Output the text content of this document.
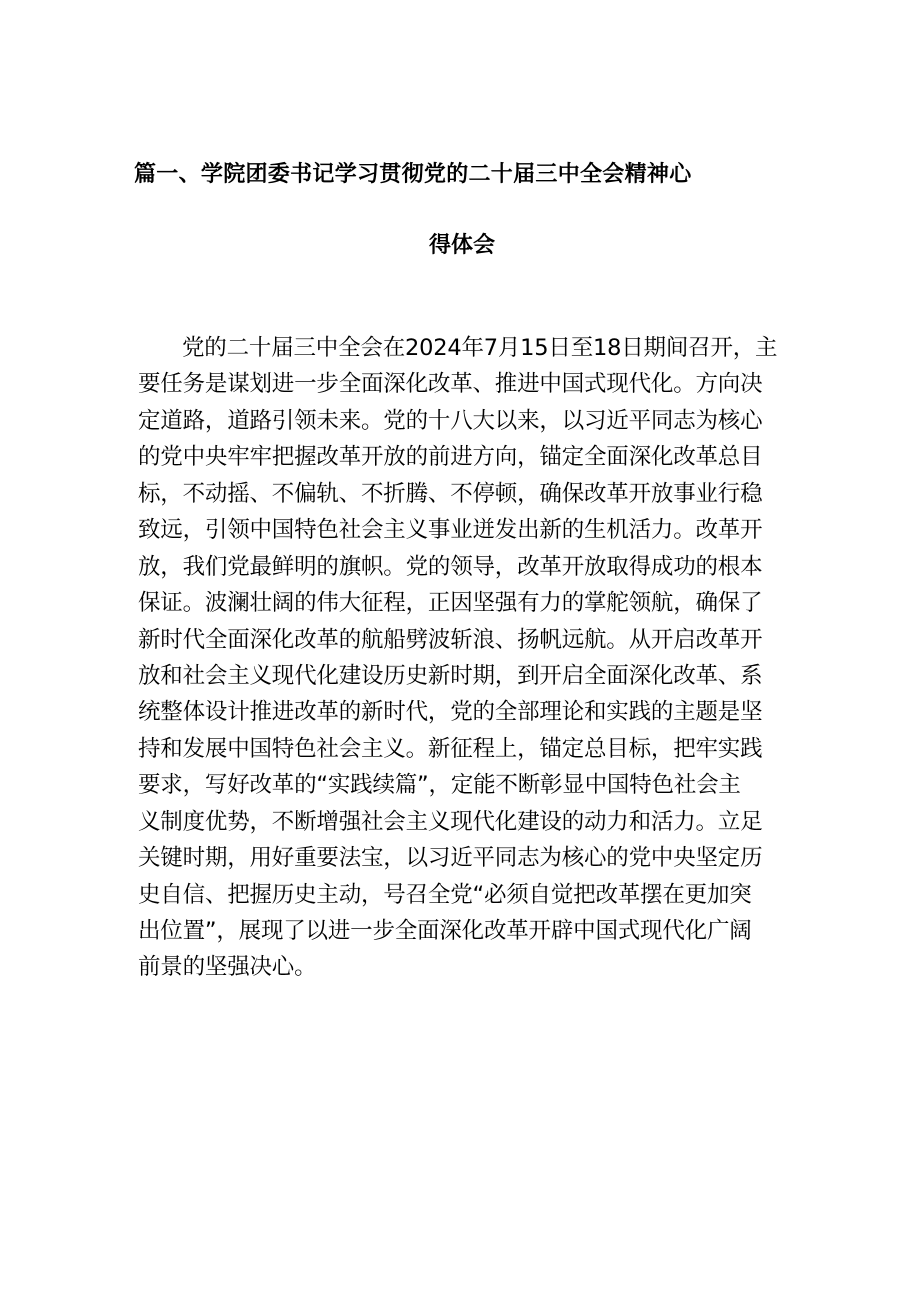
篇一、学院团委书记学习贯彻党的二十届三中全会精神心
得体会
党的二十届三中全会在2024年7月15日至18日期间召开，主
要任务是谋划进一步全面深化改革、推进中国式现代化。方向决
定道路，道路引领未来。党的十八大以来，以习近平同志为核心
的党中央牢牢把握改革开放的前进方向，锚定全面深化改革总目
标，不动摇、不偏轨、不折腾、不停顿，确保改革开放事业行稳
致远，引领中国特色社会主义事业迸发出新的生机活力。改革开
放，我们党最鲜明的旗帜。党的领导，改革开放取得成功的根本
保证。波澜壮阔的伟大征程，正因坚强有力的掌舵领航，确保了
新时代全面深化改革的航船劈波斩浪、扬帆远航。从开启改革开
放和社会主义现代化建设历史新时期，到开启全面深化改革、系
统整体设计推进改革的新时代，党的全部理论和实践的主题是坚
持和发展中国特色社会主义。新征程上，锚定总目标，把牢实践
要求，写好改革的“实践续篇”，定能不断彰显中国特色社会主
义制度优势，不断增强社会主义现代化建设的动力和活力。立足
关键时期，用好重要法宝，以习近平同志为核心的党中央坚定历
史自信、把握历史主动，号召全党“必须自觉把改革摆在更加突
出位置”，展现了以进一步全面深化改革开辟中国式现代化广阔
前景的坚强决心。
